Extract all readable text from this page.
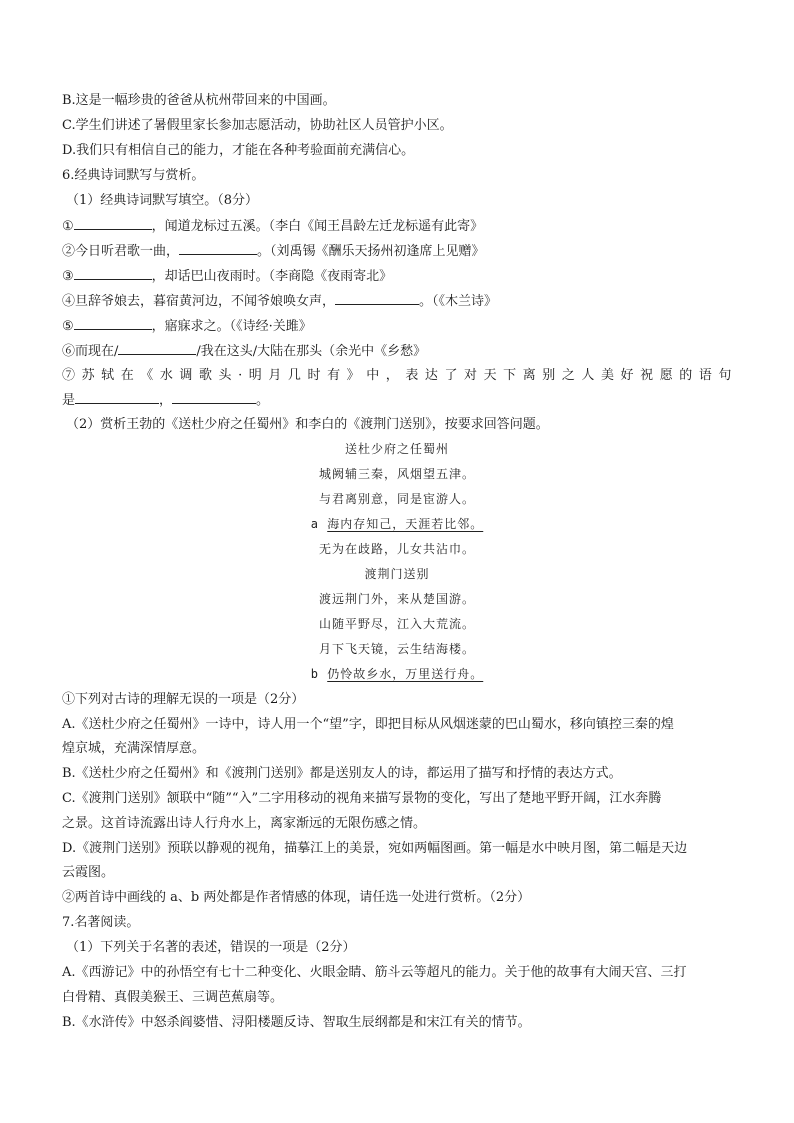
B.这是一幅珍贵的爸爸从杭州带回来的中国画。
C.学生们讲述了暑假里家长参加志愿活动，协助社区人员管护小区。
D.我们只有相信自己的能力，才能在各种考验面前充满信心。
6.经典诗词默写与赏析。
（1）经典诗词默写填空。（8分）
①	，闻道龙标过五溪。（李白《闻王昌龄左迁龙标遥有此寄》
②今日听君歌一曲，	。（刘禹锡《酬乐天扬州初逢席上见赠》
③	，却话巴山夜雨时。（李商隐《夜雨寄北》
④旦辞爷娘去，暮宿黄河边，不闻爷娘唤女声，	。（《木兰诗》
⑤	，寤寐求之。（《诗经·关雎》
⑥而现在/	/我在这头/大陆在那头（余光中《乡愁》
⑦苏轼在《水调歌头·明月几时有》中，表达了对天下离别之人美好祝愿的语句
是	，	。
（2）赏析王勃的《送杜少府之任蜀州》和李白的《渡荆门送别》，按要求回答问题。
送杜少府之任蜀州
城阙辅三秦，风烟望五津。
与君离别意，同是宦游人。
a 海内存知己，天涯若比邻。
无为在歧路，儿女共沾巾。
渡荆门送别
渡远荆门外，来从楚国游。
山随平野尽，江入大荒流。
月下飞天镜，云生结海楼。
b 仍怜故乡水，万里送行舟。
①下列对古诗的理解无误的一项是（2分）
A.《送杜少府之任蜀州》一诗中，诗人用一个“望”字，即把目标从风烟迷蒙的巴山蜀水，移向镇控三秦的煌
煌京城，充满深情厚意。
B.《送杜少府之任蜀州》和《渡荆门送别》都是送别友人的诗，都运用了描写和抒情的表达方式。
C.《渡荆门送别》颔联中“随”“入”二字用移动的视角来描写景物的变化，写出了楚地平野开阔，江水奔腾
之景。这首诗流露出诗人行舟水上，离家渐远的无限伤感之情。
D.《渡荆门送别》预联以静观的视角，描摹江上的美景，宛如两幅图画。第一幅是水中映月图，第二幅是天边
云霞图。
②两首诗中画线的 a、b 两处都是作者情感的体现，请任选一处进行赏析。（2分）
7.名著阅读。
（1）下列关于名著的表述，错误的一项是（2分）
A.《西游记》中的孙悟空有七十二种变化、火眼金睛、筋斗云等超凡的能力。关于他的故事有大闹天宫、三打
白骨精、真假美猴王、三调芭蕉扇等。
B.《水浒传》中怒杀阎婆惜、浔阳楼题反诗、智取生辰纲都是和宋江有关的情节。
